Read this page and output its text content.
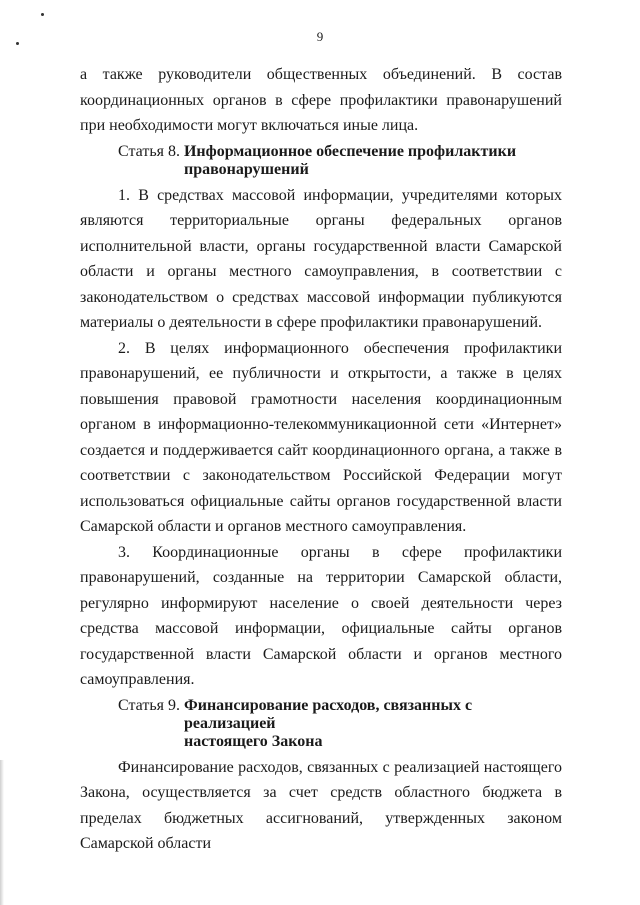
9

а также руководители общественных объединений. В состав координационных органов в сфере профилактики правонарушений при необходимости могут включаться иные лица.

Статья 8. Информационное обеспечение профилактики
правонарушений

1. В средствах массовой информации, учредителями которых являются территориальные органы федеральных органов исполнительной власти, органы государственной власти Самарской области и органы местного самоуправления, в соответствии с законодательством о средствах массовой информации публикуются материалы о деятельности в сфере профилактики правонарушений.

2. В целях информационного обеспечения профилактики правонарушений, ее публичности и открытости, а также в целях повышения правовой грамотности населения координационным органом в информационно-телекоммуникационной сети «Интернет» создается и поддерживается сайт координационного органа, а также в соответствии с законодательством Российской Федерации могут использоваться официальные сайты органов государственной власти Самарской области и органов местного самоуправления.

3. Координационные органы в сфере профилактики правонарушений, созданные на территории Самарской области, регулярно информируют население о своей деятельности через средства массовой информации, официальные сайты органов государственной власти Самарской области и органов местного самоуправления.

Статья 9. Финансирование расходов, связанных с реализацией
настоящего Закона

Финансирование расходов, связанных с реализацией настоящего Закона, осуществляется за счет средств областного бюджета в пределах бюджетных ассигнований, утвержденных законом Самарской области
